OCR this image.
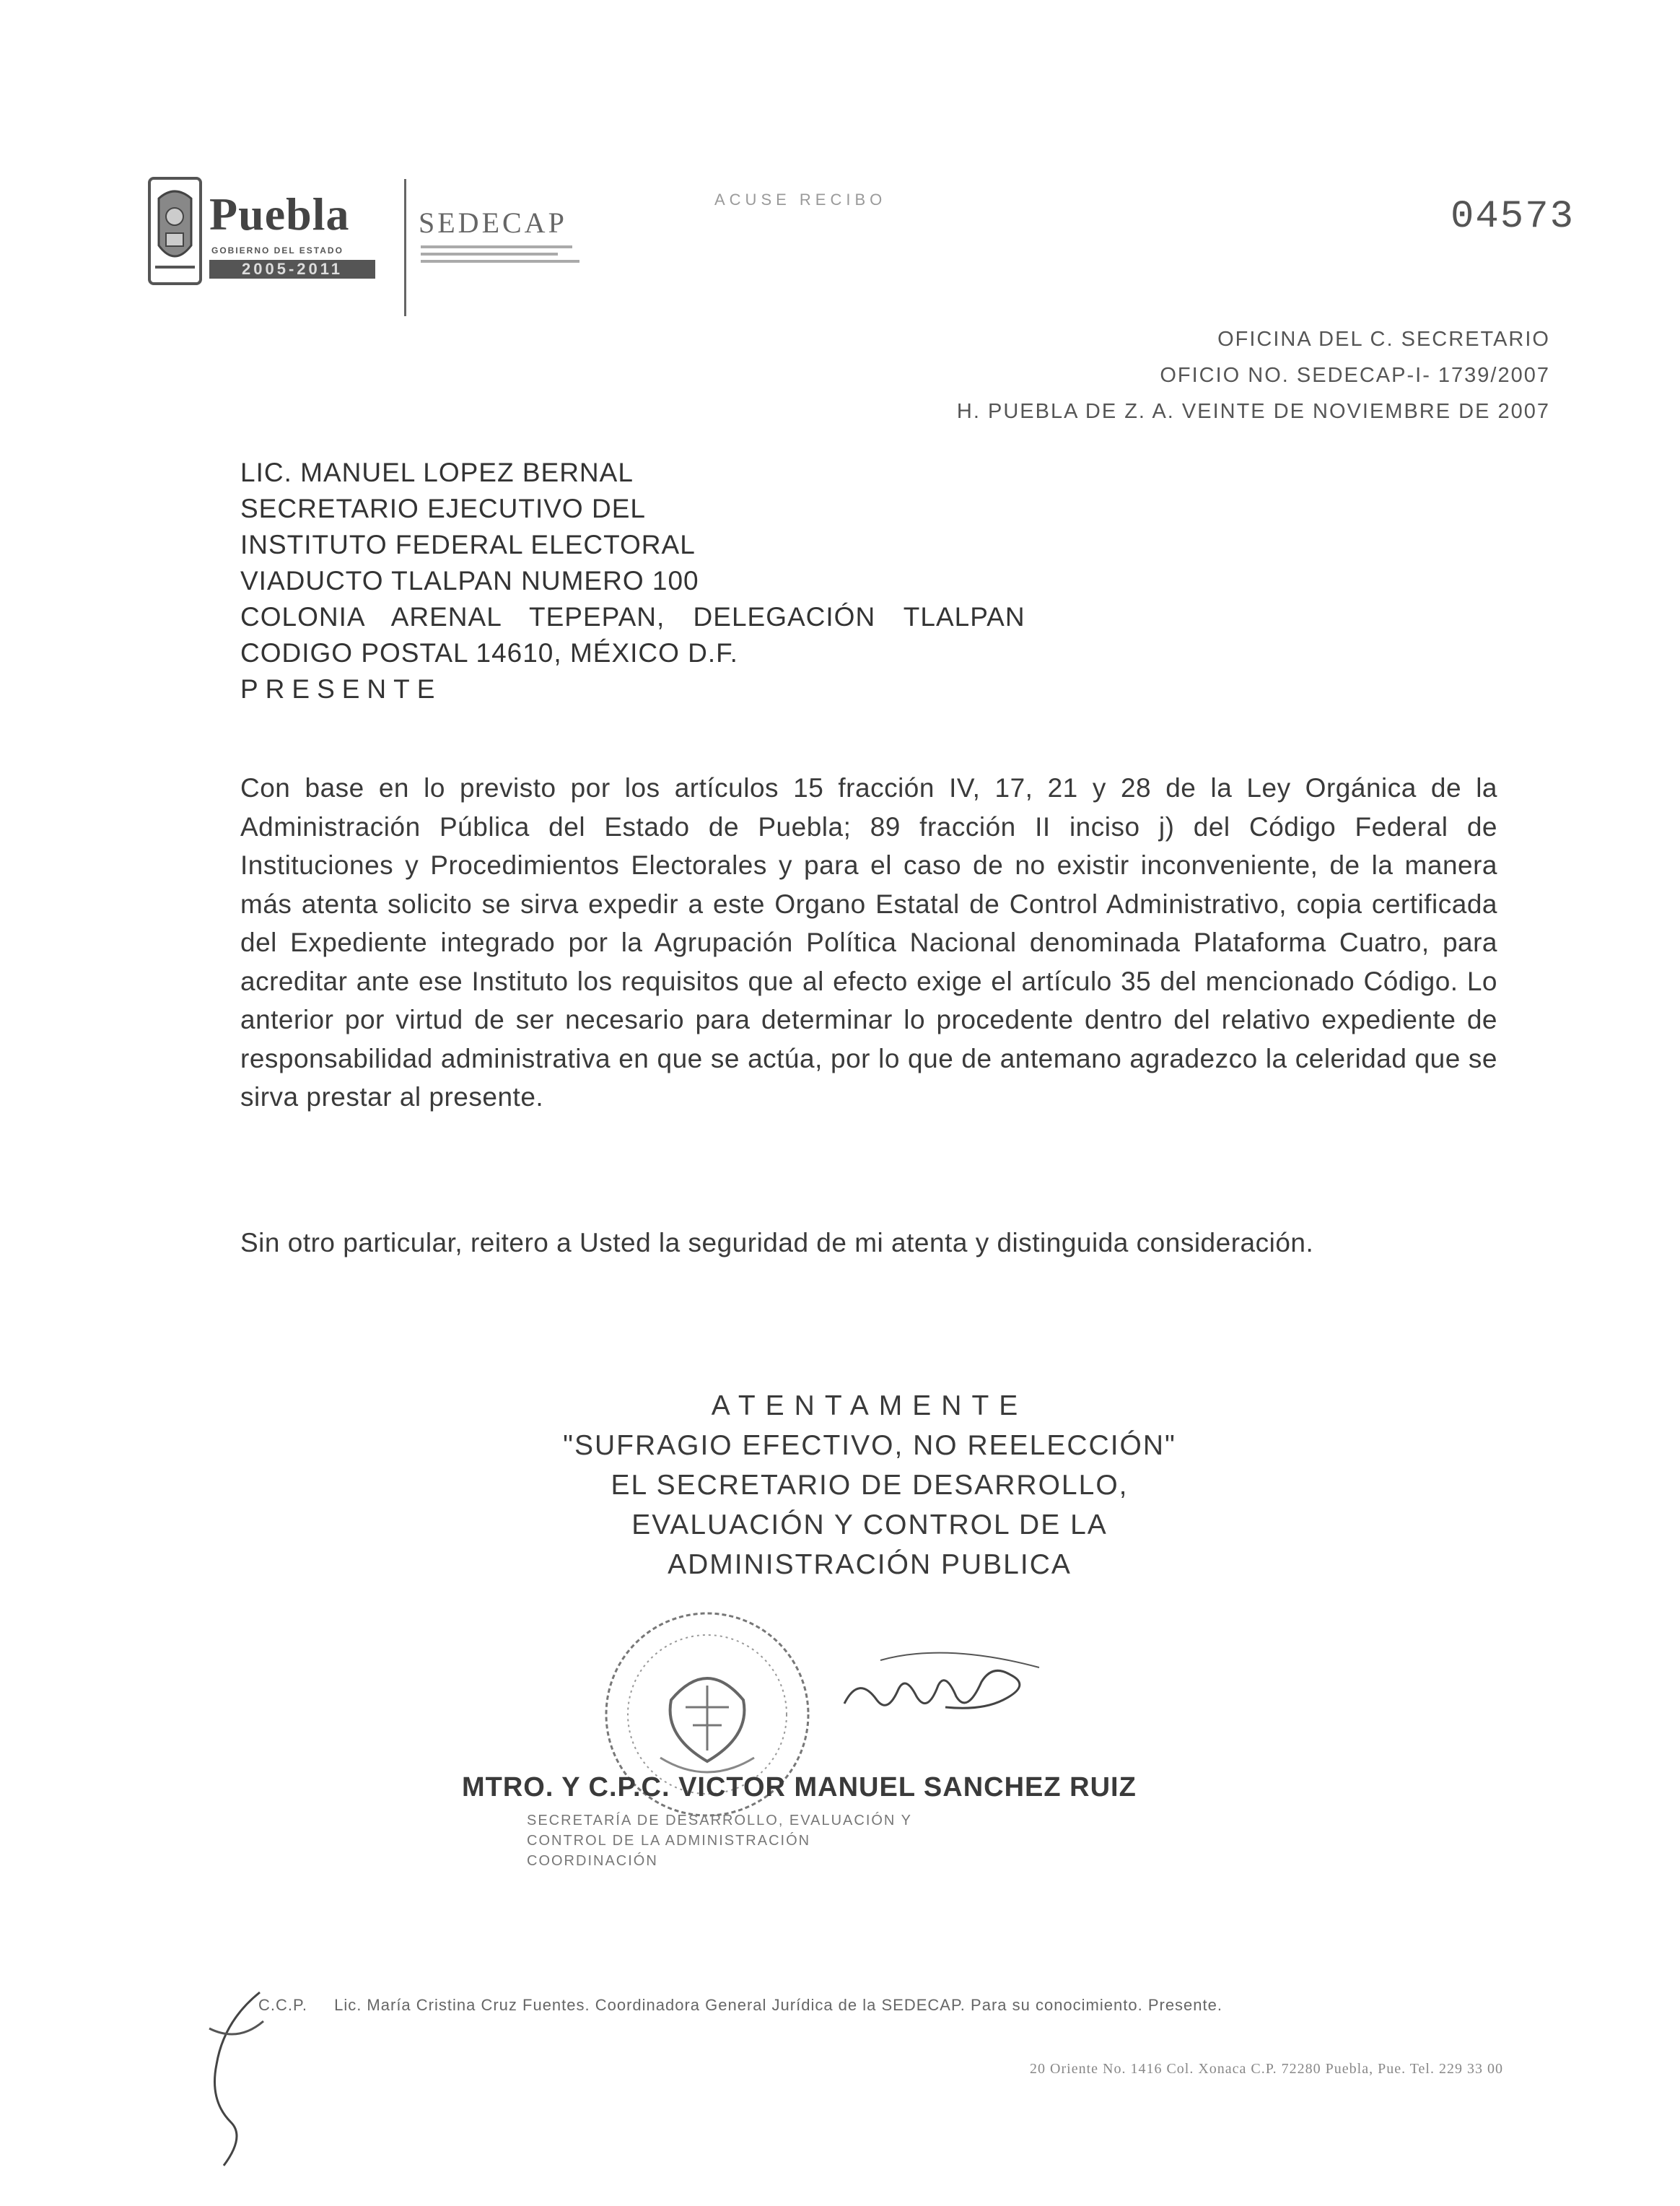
Puebla
GOBIERNO DEL ESTADO
2005-2011
SEDECAP
ACUSE RECIBO	04573
OFICINA DEL C. SECRETARIO
OFICIO NO. SEDECAP-I- 1739/2007
H. PUEBLA DE Z. A. VEINTE DE NOVIEMBRE DE 2007
LIC. MANUEL LOPEZ BERNAL
SECRETARIO EJECUTIVO DEL
INSTITUTO FEDERAL ELECTORAL
VIADUCTO TLALPAN NUMERO 100
COLONIA ARENAL TEPEPAN, DELEGACIÓN TLALPAN
CODIGO POSTAL 14610, MÉXICO D.F.
PRESENTE
Con base en lo previsto por los artículos 15 fracción IV, 17, 21 y 28 de la Ley Orgánica de la Administración Pública del Estado de Puebla; 89 fracción II inciso j) del Código Federal de Instituciones y Procedimientos Electorales y para el caso de no existir inconveniente, de la manera más atenta solicito se sirva expedir a este Organo Estatal de Control Administrativo, copia certificada del Expediente integrado por la Agrupación Política Nacional denominada Plataforma Cuatro, para acreditar ante ese Instituto los requisitos que al efecto exige el artículo 35 del mencionado Código. Lo anterior por virtud de ser necesario para determinar lo procedente dentro del relativo expediente de responsabilidad administrativa en que se actúa, por lo que de antemano agradezco la celeridad que se sirva prestar al presente.
Sin otro particular, reitero a Usted la seguridad de mi atenta y distinguida consideración.
ATENTAMENTE
"SUFRAGIO EFECTIVO, NO REELECCIÓN"
EL SECRETARIO DE DESARROLLO,
EVALUACIÓN Y CONTROL DE LA
ADMINISTRACIÓN PUBLICA
MTRO. Y C.P.C. VICTOR MANUEL SANCHEZ RUIZ
SECRETARÍA DE DESARROLLO, EVALUACIÓN Y
CONTROL DE LA ADMINISTRACIÓN
COORDINACIÓN
C.C.P. Lic. María Cristina Cruz Fuentes. Coordinadora General Jurídica de la SEDECAP. Para su conocimiento. Presente.
20 Oriente No. 1416 Col. Xonaca C.P. 72280 Puebla, Pue. Tel. 229 33 00
